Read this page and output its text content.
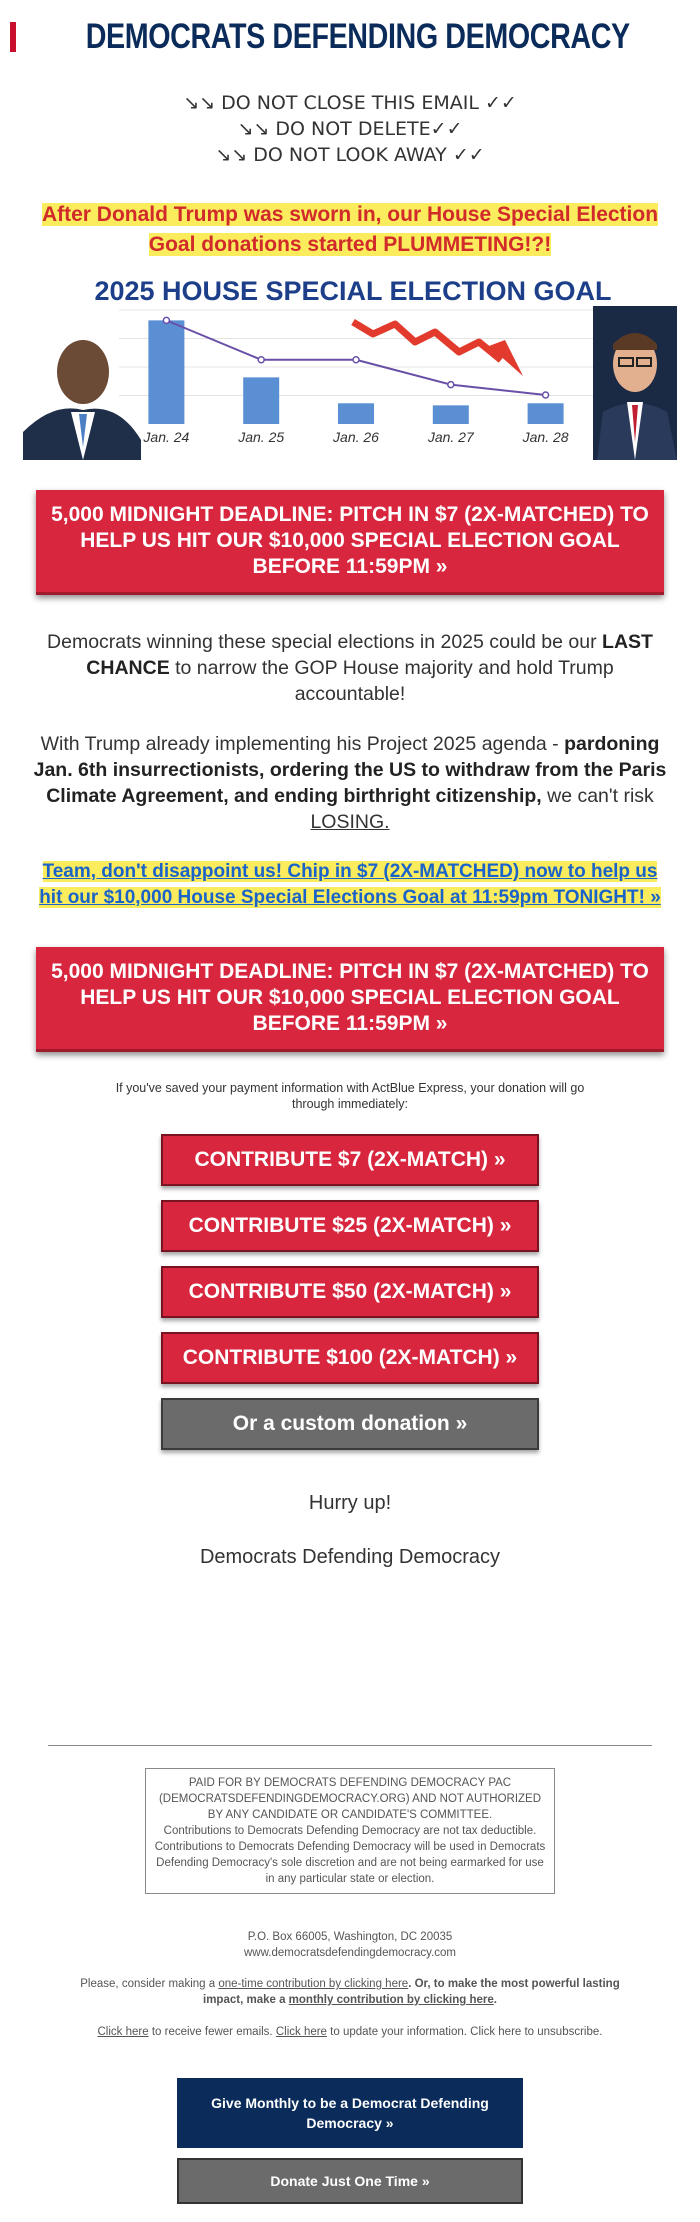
DEMOCRATS DEFENDING DEMOCRACY
↘↘ DO NOT CLOSE THIS EMAIL ✓✓
↘↘ DO NOT DELETE✓✓
↘↘ DO NOT LOOK AWAY ✓✓
After Donald Trump was sworn in, our House Special Election Goal donations started PLUMMETING!?!
2025 HOUSE SPECIAL ELECTION GOAL
Jan. 24	Jan. 25	Jan. 26	Jan. 27	Jan. 28
5,000 MIDNIGHT DEADLINE: PITCH IN $7 (2X-MATCHED) TO HELP US HIT OUR $10,000 SPECIAL ELECTION GOAL BEFORE 11:59PM »
Democrats winning these special elections in 2025 could be our LAST CHANCE to narrow the GOP House majority and hold Trump accountable!
With Trump already implementing his Project 2025 agenda - pardoning Jan. 6th insurrectionists, ordering the US to withdraw from the Paris Climate Agreement, and ending birthright citizenship, we can't risk LOSING.
Team, don't disappoint us! Chip in $7 (2X-MATCHED) now to help us hit our $10,000 House Special Elections Goal at 11:59pm TONIGHT! »
5,000 MIDNIGHT DEADLINE: PITCH IN $7 (2X-MATCHED) TO HELP US HIT OUR $10,000 SPECIAL ELECTION GOAL BEFORE 11:59PM »
If you've saved your payment information with ActBlue Express, your donation will go through immediately:
CONTRIBUTE $7 (2X-MATCH) »
CONTRIBUTE $25 (2X-MATCH) »
CONTRIBUTE $50 (2X-MATCH) »
CONTRIBUTE $100 (2X-MATCH) »
Or a custom donation »
Hurry up!
Democrats Defending Democracy
PAID FOR BY DEMOCRATS DEFENDING DEMOCRACY PAC (DEMOCRATSDEFENDINGDEMOCRACY.ORG) AND NOT AUTHORIZED BY ANY CANDIDATE OR CANDIDATE'S COMMITTEE.
Contributions to Democrats Defending Democracy are not tax deductible.
Contributions to Democrats Defending Democracy will be used in Democrats Defending Democracy's sole discretion and are not being earmarked for use in any particular state or election.
P.O. Box 66005, Washington, DC 20035
www.democratsdefendingdemocracy.com
Please, consider making a one-time contribution by clicking here. Or, to make the most powerful lasting impact, make a monthly contribution by clicking here.
Click here to receive fewer emails. Click here to update your information. Click here to unsubscribe.
Give Monthly to be a Democrat Defending Democracy »
Donate Just One Time »
